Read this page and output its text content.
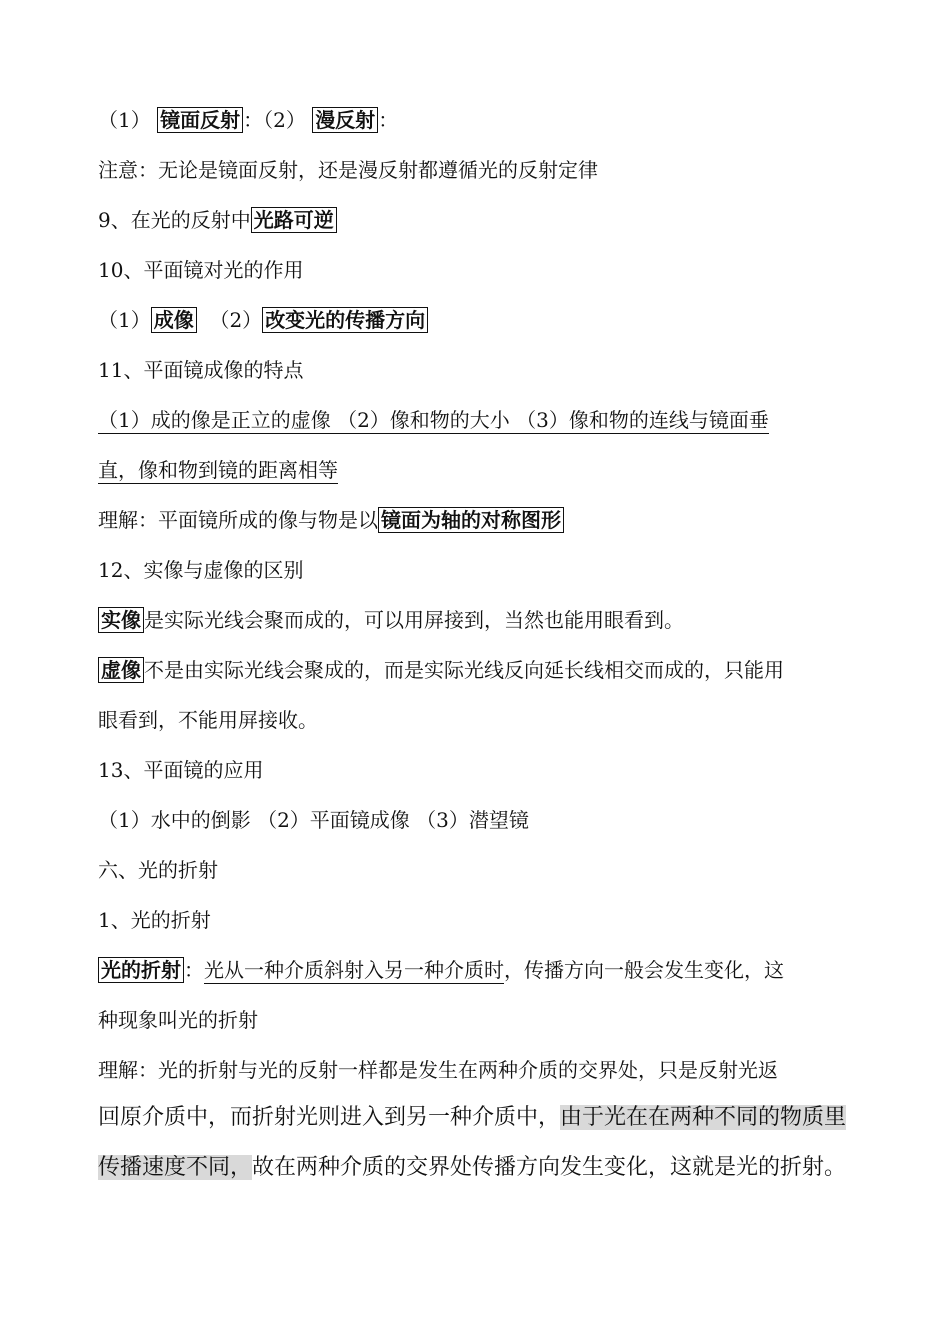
（1） 镜面反射 ：（2） 漫反射 ：
注意：无论是镜面反射，还是漫反射都遵循光的反射定律
9、在光的反射中 光路可逆
10、平面镜对光的作用
（1） 成像 （2） 改变光的传播方向
11、平面镜成像的特点
（1）成的像是正立的虚像 （2）像和物的大小 （3）像和物的连线与镜面垂
直，像和物到镜的距离相等
理解：平面镜所成的像与物是以 镜面为轴的对称图形
12、实像与虚像的区别
实像 是实际光线会聚而成的，可以用屏接到，当然也能用眼看到。
虚像 不是由实际光线会聚成的，而是实际光线反向延长线相交而成的，只能用
眼看到，不能用屏接收。
13、平面镜的应用
（1）水中的倒影 （2）平面镜成像 （3）潜望镜
六、光的折射
1、光的折射
光的折射 ：光从一种介质斜射入另一种介质时，传播方向一般会发生变化，这
种现象叫光的折射
理解：光的折射与光的反射一样都是发生在两种介质的交界处，只是反射光返
回原介质中，而折射光则进入到另一种介质中，由于光在在两种不同的物质里
传播速度不同，故在两种介质的交界处传播方向发生变化，这就是光的折射。
